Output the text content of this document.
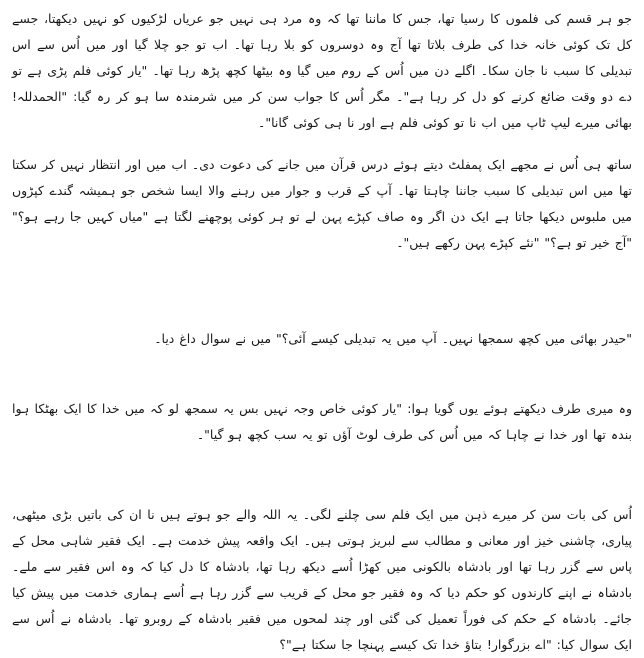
جو ہر قسم کی فلموں کا رسیا تھا، جس کا ماننا تھا کہ وہ مرد ہی نہیں جو عریاں لڑکیوں کو نہیں دیکھتا، جسے کل تک کوئی خانہ خدا کی طرف بلاتا تھا آج وہ دوسروں کو بلا رہا تھا۔ اب تو جو چلا گیا اور میں اُس سے اس تبدیلی کا سبب نا جان سکا۔ اگلے دن میں اُس کے روم میں گیا وہ بیٹھا کچھ پڑھ رہا تھا۔ "یار کوئی فلم پڑی ہے تو دے دو وقت ضائع کرنے کو دل کر رہا ہے"۔ مگر اُس کا جواب سن کر میں شرمندہ سا ہو کر رہ گیا: "الحمدللہ! بھائی میرے لیپ ٹاپ میں اب نا تو کوئی فلم ہے اور نا ہی کوئی گانا"۔

ساتھ ہی اُس نے مجھے ایک پمفلٹ دیتے ہوئے درس قرآن میں جانے کی دعوت دی۔ اب میں اور انتظار نہیں کر سکتا تھا میں اس تبدیلی کا سبب جاننا چاہتا تھا۔ آپ کے قرب و جوار میں رہنے والا ایسا شخص جو ہمیشہ گندے کپڑوں میں ملبوس دیکھا جاتا ہے ایک دن اگر وہ صاف کپڑے پہن لے تو ہر کوئی پوچھنے لگتا ہے "میاں کہیں جا رہے ہو؟" "آج خیر تو ہے؟" "نئے کپڑے پہن رکھے ہیں"۔

"حیدر بھائی میں کچھ سمجھا نہیں۔ آپ میں یہ تبدیلی کیسے آئی؟" میں نے سوال داغ دیا۔

وہ میری طرف دیکھتے ہوئے یوں گویا ہوا: "یار کوئی خاص وجہ نہیں بس یہ سمجھ لو کہ میں خدا کا ایک بھٹکا ہوا بندہ تھا اور خدا نے چاہا کہ میں اُس کی طرف لوٹ آؤں تو یہ سب کچھ ہو گیا"۔

اُس کی بات سن کر میرے ذہن میں ایک فلم سی چلنے لگی۔ یہ اللہ والے جو ہوتے ہیں نا ان کی باتیں بڑی میٹھی، پیاری، چاشنی خیز اور معانی و مطالب سے لبریز ہوتی ہیں۔ ایک واقعہ پیش خدمت ہے۔ ایک فقیر شاہی محل کے پاس سے گزر رہا تھا اور بادشاہ بالکونی میں کھڑا اُسے دیکھ رہا تھا، بادشاہ کا دل کیا کہ وہ اس فقیر سے ملے۔ بادشاہ نے اپنے کارندوں کو حکم دیا کہ وہ فقیر جو محل کے قریب سے گزر رہا ہے اُسے ہماری خدمت میں پیش کیا جائے۔ بادشاہ کے حکم کی فوراً تعمیل کی گئی اور چند لمحوں میں فقیر بادشاہ کے روبرو تھا۔ بادشاہ نے اُس سے ایک سوال کیا: "اے بزرگوار! بتاؤ خدا تک کیسے پہنچا جا سکتا ہے"؟
